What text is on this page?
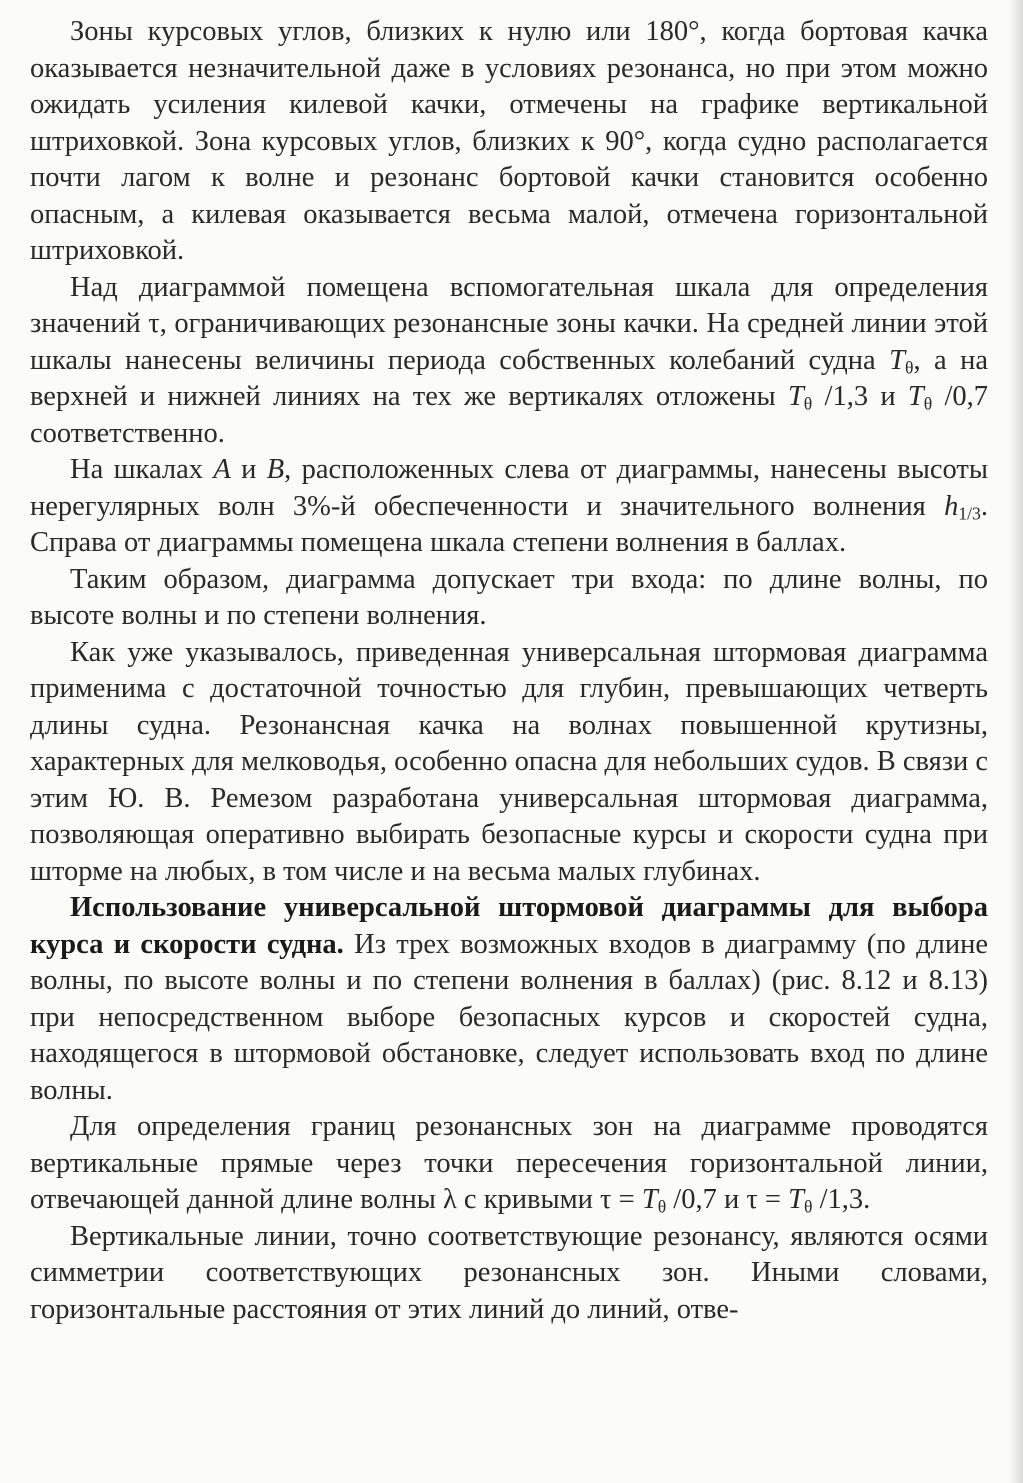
Зоны курсовых углов, близких к нулю или 180°, когда бортовая качка оказывается незначительной даже в условиях резонанса, но при этом можно ожидать усиления килевой качки, отмечены на графике вертикальной штриховкой. Зона курсовых углов, близких к 90°, когда судно располагается почти лагом к волне и резонанс бортовой качки становится особенно опасным, а килевая оказывается весьма малой, отмечена горизонтальной штриховкой.

Над диаграммой помещена вспомогательная шкала для определения значений τ, ограничивающих резонансные зоны качки. На средней линии этой шкалы нанесены величины периода собственных колебаний судна $T_\theta$, а на верхней и нижней линиях на тех же вертикалях отложены $T_\theta$ /1,3 и $T_\theta$ /0,7 соответственно.

На шкалах A и B, расположенных слева от диаграммы, нанесены высоты нерегулярных волн 3%-й обеспеченности и значительного волнения $h_{1/3}$. Справа от диаграммы помещена шкала степени волнения в баллах.

Таким образом, диаграмма допускает три входа: по длине волны, по высоте волны и по степени волнения.

Как уже указывалось, приведенная универсальная штормовая диаграмма применима с достаточной точностью для глубин, превышающих четверть длины судна. Резонансная качка на волнах повышенной крутизны, характерных для мелководья, особенно опасна для небольших судов. В связи с этим Ю. В. Ремезом разработана универсальная штормовая диаграмма, позволяющая оперативно выбирать безопасные курсы и скорости судна при шторме на любых, в том числе и на весьма малых глубинах.

Использование универсальной штормовой диаграммы для выбора курса и скорости судна. Из трех возможных входов в диаграмму (по длине волны, по высоте волны и по степени волнения в баллах) (рис. 8.12 и 8.13) при непосредственном выборе безопасных курсов и скоростей судна, находящегося в штормовой обстановке, следует использовать вход по длине волны.

Для определения границ резонансных зон на диаграмме проводятся вертикальные прямые через точки пересечения горизонтальной линии, отвечающей данной длине волны λ с кривыми $\tau = T_\theta$ /0,7 и $\tau = T_\theta$ /1,3.

Вертикальные линии, точно соответствующие резонансу, являются осями симметрии соответствующих резонансных зон. Иными словами, горизонтальные расстояния от этих линий до линий, отве-
